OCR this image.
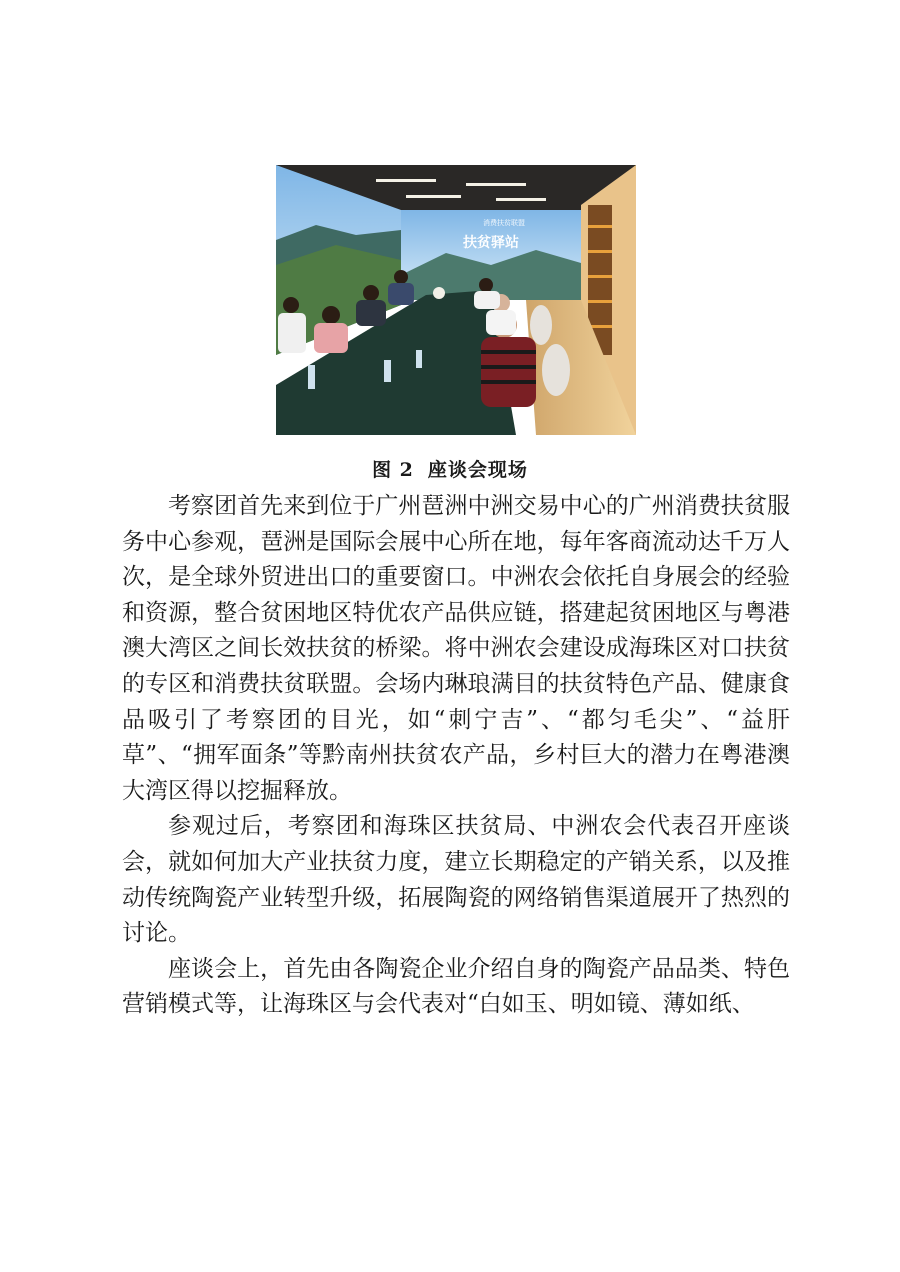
扶贫驿站
消费扶贫联盟
图 2 座谈会现场

考察团首先来到位于广州琶洲中洲交易中心的广州消费扶贫服务中心参观，琶洲是国际会展中心所在地，每年客商流动达千万人次，是全球外贸进出口的重要窗口。中洲农会依托自身展会的经验和资源，整合贫困地区特优农产品供应链，搭建起贫困地区与粤港澳大湾区之间长效扶贫的桥梁。将中洲农会建设成海珠区对口扶贫的专区和消费扶贫联盟。会场内琳琅满目的扶贫特色产品、健康食品吸引了考察团的目光，如“刺宁吉”、“都匀毛尖”、“益肝草”、“拥军面条”等黔南州扶贫农产品，乡村巨大的潜力在粤港澳大湾区得以挖掘释放。

参观过后，考察团和海珠区扶贫局、中洲农会代表召开座谈会，就如何加大产业扶贫力度，建立长期稳定的产销关系，以及推动传统陶瓷产业转型升级，拓展陶瓷的网络销售渠道展开了热烈的讨论。

座谈会上，首先由各陶瓷企业介绍自身的陶瓷产品品类、特色营销模式等，让海珠区与会代表对“白如玉、明如镜、薄如纸、
